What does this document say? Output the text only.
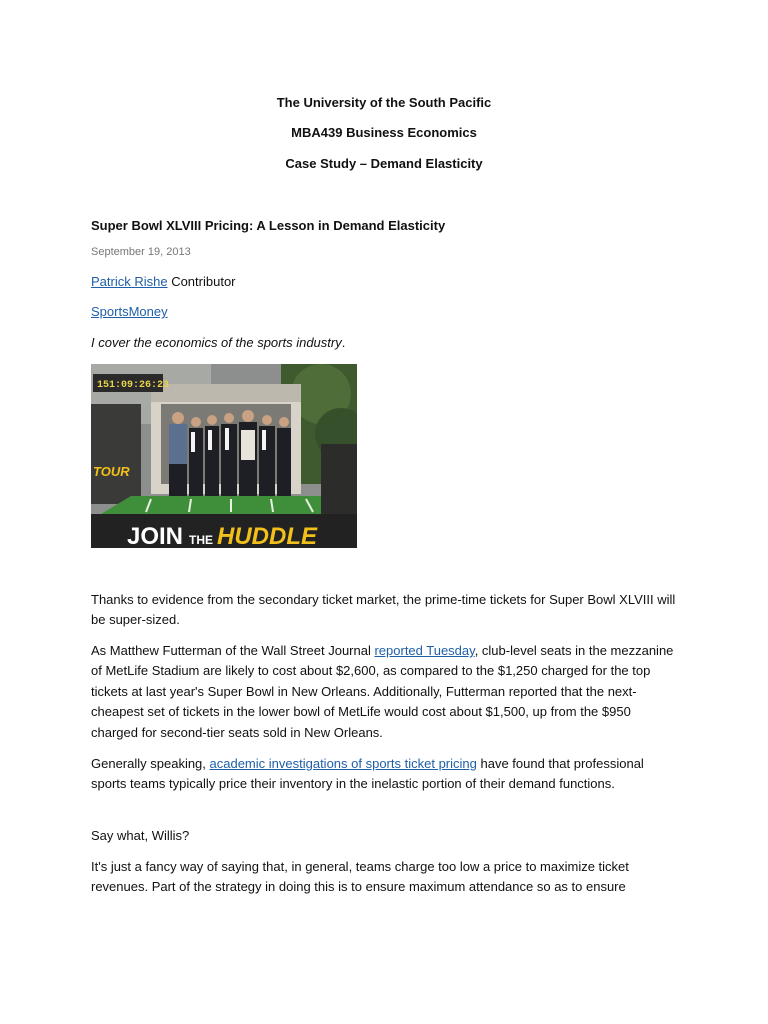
The University of the South Pacific
MBA439 Business Economics
Case Study – Demand Elasticity
Super Bowl XLVIII Pricing: A Lesson in Demand Elasticity
September 19, 2013
Patrick Rishe Contributor
SportsMoney
I cover the economics of the sports industry.
151:09:26:23
TOUR
JOIN THE HUDDLE
Thanks to evidence from the secondary ticket market, the prime-time tickets for Super Bowl XLVIII will be super-sized.
As Matthew Futterman of the Wall Street Journal reported Tuesday, club-level seats in the mezzanine of MetLife Stadium are likely to cost about $2,600, as compared to the $1,250 charged for the top tickets at last year's Super Bowl in New Orleans. Additionally, Futterman reported that the next-cheapest set of tickets in the lower bowl of MetLife would cost about $1,500, up from the $950 charged for second-tier seats sold in New Orleans.
Generally speaking, academic investigations of sports ticket pricing have found that professional sports teams typically price their inventory in the inelastic portion of their demand functions.
Say what, Willis?
It's just a fancy way of saying that, in general, teams charge too low a price to maximize ticket revenues. Part of the strategy in doing this is to ensure maximum attendance so as to ensure
